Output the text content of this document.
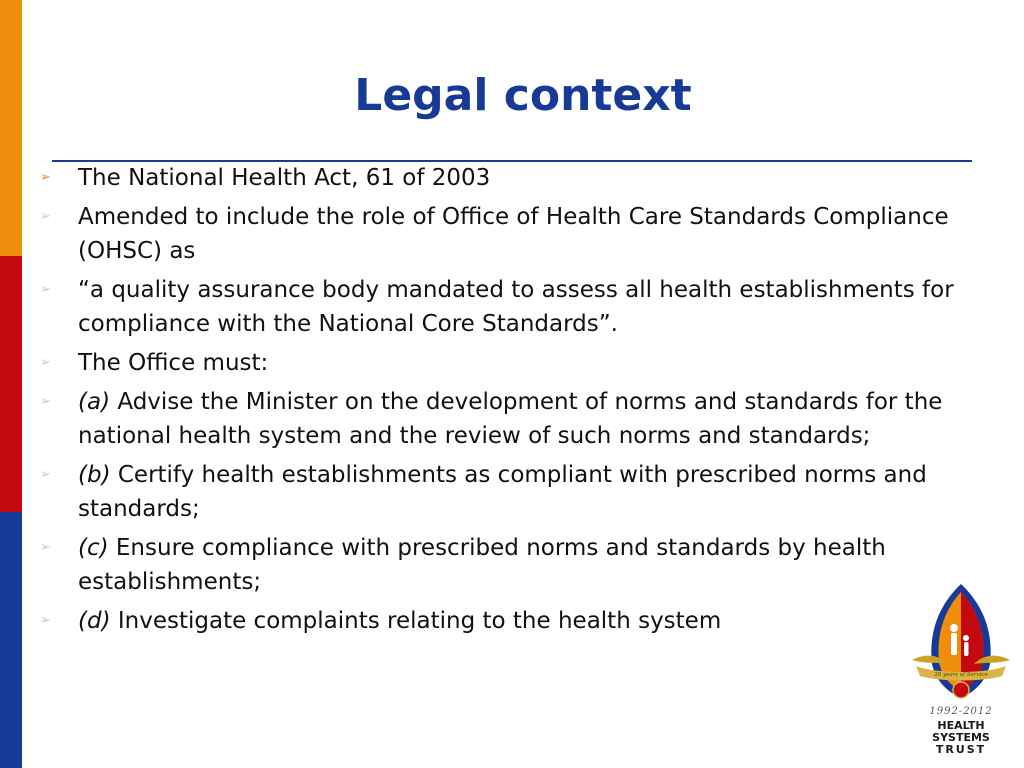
Legal context
➢ The National Health Act, 61 of 2003
➢ Amended to include the role of Office of Health Care Standards Compliance (OHSC) as
➢ “a quality assurance body mandated to assess all health establishments for compliance with the National Core Standards”.
➢ The Office must:
➢ (a) Advise the Minister on the development of norms and standards for the national health system and the review of such norms and standards;
➢ (b) Certify health establishments as compliant with prescribed norms and standards;
➢ (c) Ensure compliance with prescribed norms and standards by health establishments;
➢ (d) Investigate complaints relating to the health system
20 years of Service
1992-2012
HEALTH
SYSTEMS
TRUST
